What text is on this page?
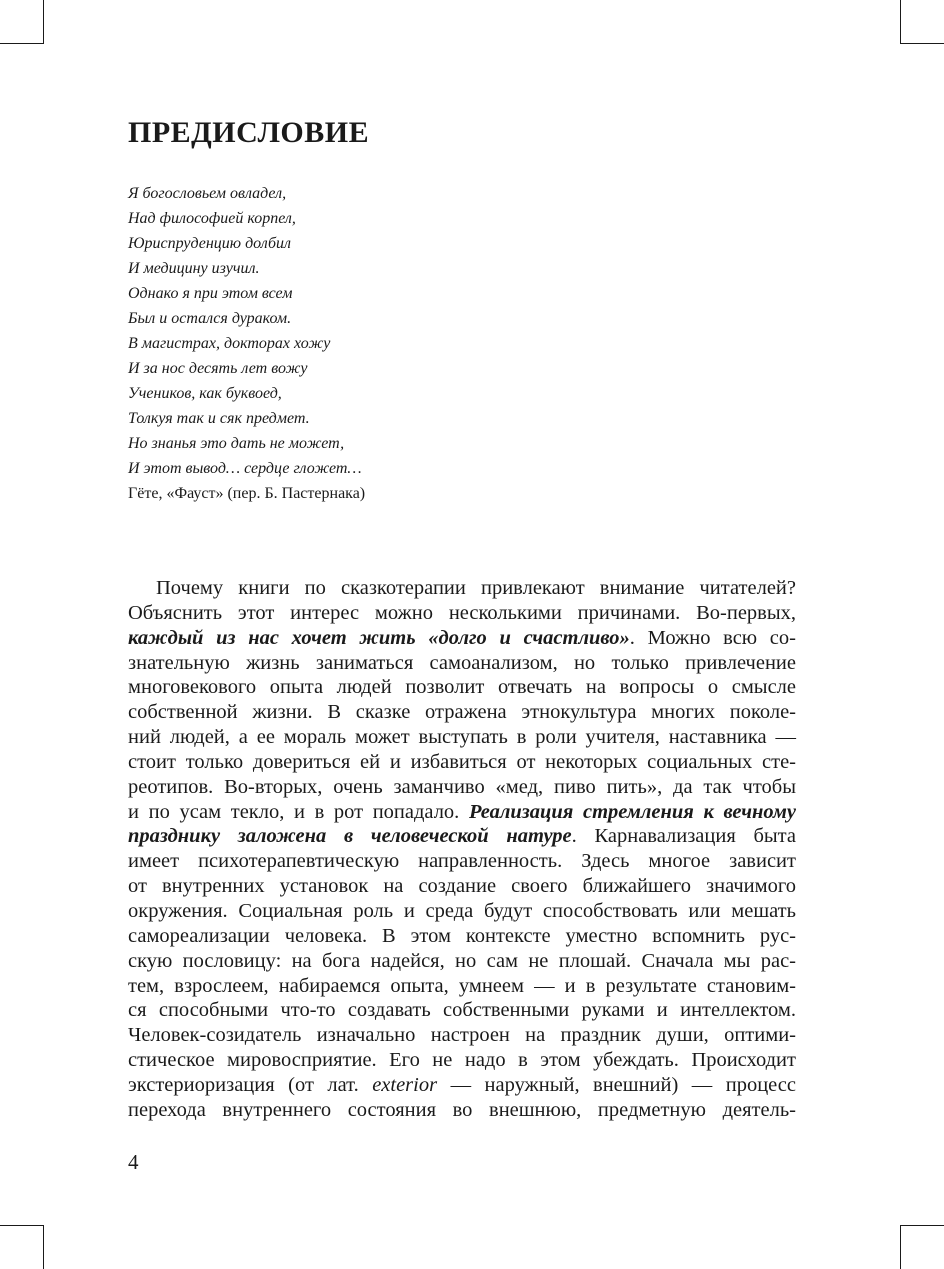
ПРЕДИСЛОВИЕ
Я богословьем овладел,
Над философией корпел,
Юриспруденцию долбил
И медицину изучил.
Однако я при этом всем
Был и остался дураком.
В магистрах, докторах хожу
И за нос десять лет вожу
Учеников, как буквоед,
Толкуя так и сяк предмет.
Но знанья это дать не может,
И этот вывод… сердце гложет…
Гёте, «Фауст» (пер. Б. Пастернака)
Почему книги по сказкотерапии привлекают внимание читателей?
Объяснить этот интерес можно несколькими причинами. Во-первых,
каждый из нас хочет жить «долго и счастливо». Можно всю со-
знательную жизнь заниматься самоанализом, но только привлечение
многовекового опыта людей позволит отвечать на вопросы о смысле
собственной жизни. В сказке отражена этнокультура многих поколе-
ний людей, а ее мораль может выступать в роли учителя, наставника —
стоит только довериться ей и избавиться от некоторых социальных сте-
реотипов. Во-вторых, очень заманчиво «мед, пиво пить», да так чтобы
и по усам текло, и в рот попадало. Реализация стремления к вечному
празднику заложена в человеческой натуре. Карнавализация быта
имеет психотерапевтическую направленность. Здесь многое зависит
от внутренних установок на создание своего ближайшего значимого
окружения. Социальная роль и среда будут способствовать или мешать
самореализации человека. В этом контексте уместно вспомнить рус-
скую пословицу: на бога надейся, но сам не плошай. Сначала мы рас-
тем, взрослеем, набираемся опыта, умнеем — и в результате становим-
ся способными что-то создавать собственными руками и интеллектом.
Человек-созидатель изначально настроен на праздник души, оптими-
стическое мировосприятие. Его не надо в этом убеждать. Происходит
экстериоризация (от лат. exterior — наружный, внешний) — процесс
перехода внутреннего состояния во внешнюю, предметную деятель-
4
